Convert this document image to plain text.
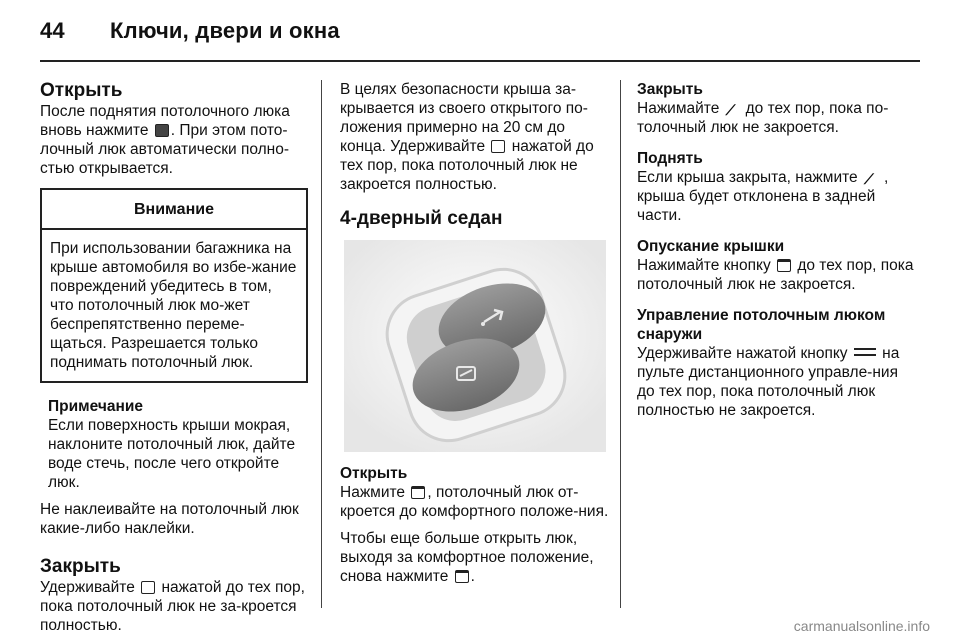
44 Ключи, двери и окна
Открыть

После поднятия потолочного люка вновь нажмите . При этом пото-лочный люк автоматически полно-стью открывается.

Внимание
При использовании багажника на крыше автомобиля во избе-жание повреждений убедитесь в том, что потолочный люк мо-жет беспрепятственно переме-щаться. Разрешается только поднимать потолочный люк.
Примечание
Если поверхность крыши мокрая, наклоните потолочный люк, дайте воде стечь, после чего откройте люк.

Не наклеивайте на потолочный люк какие-либо наклейки.

Закрыть

Удерживайте нажатой до тех пор, пока потолочный люк не за-кроется полностью.

В целях безопасности крыша за-крывается из своего открытого по-ложения примерно на 20 см до конца. Удерживайте нажатой до тех пор, пока потолочный люк не закроется полностью.

4-дверный седан
Открыть

Нажмите , потолочный люк от-кроется до комфортного положе-ния.

Чтобы еще больше открыть люк, выходя за комфортное положение, снова нажмите .

Закрыть

Нажимайте ⟋ до тех пор, пока по-толочный люк не закроется.

Поднять

Если крыша закрыта, нажмите ⟋ , крыша будет отклонена в задней части.

Опускание крышки

Нажимайте кнопку до тех пор, пока потолочный люк не закроется.

Управление потолочным люком снаружи

Удерживайте нажатой кнопку на пульте дистанционного управле-ния до тех пор, пока потолочный люк полностью не закроется.

carmanualsonline.info
